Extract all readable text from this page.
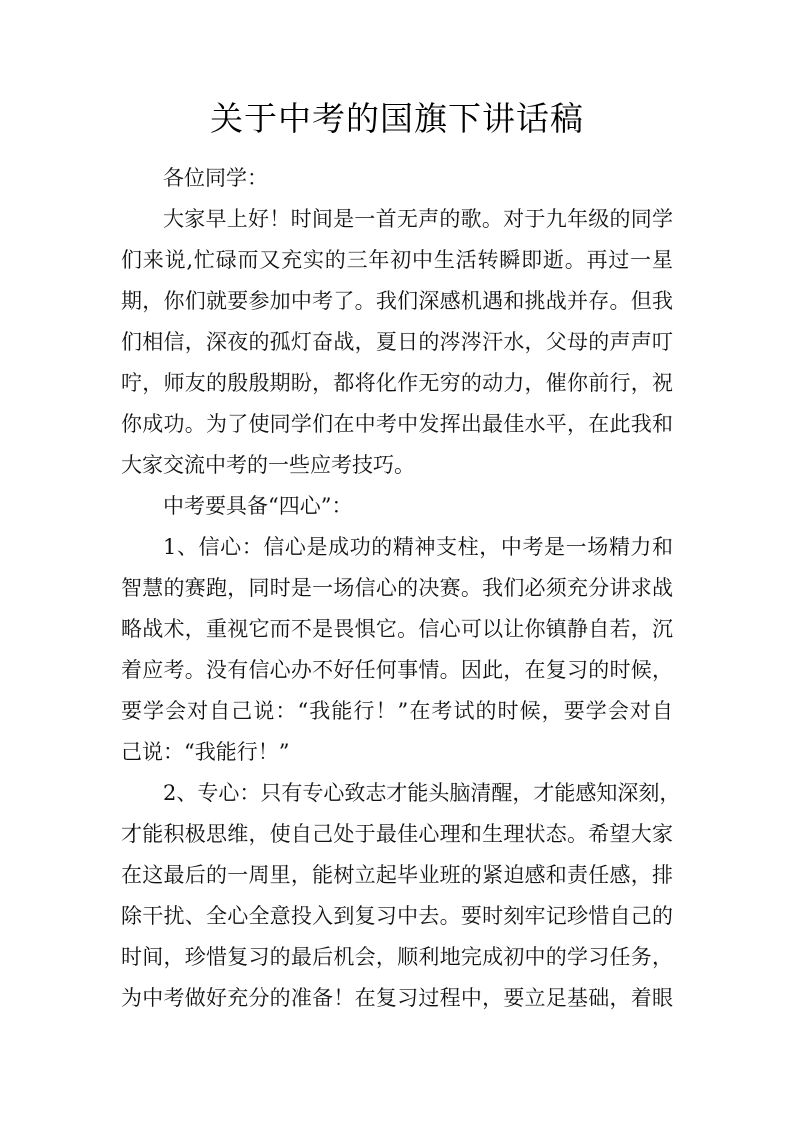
关于中考的国旗下讲话稿
各位同学：
大家早上好！时间是一首无声的歌。对于九年级的同学
们来说,忙碌而又充实的三年初中生活转瞬即逝。再过一星
期，你们就要参加中考了。我们深感机遇和挑战并存。但我
们相信，深夜的孤灯奋战，夏日的涔涔汗水，父母的声声叮
咛，师友的殷殷期盼，都将化作无穷的动力，催你前行，祝
你成功。为了使同学们在中考中发挥出最佳水平，在此我和
大家交流中考的一些应考技巧。
中考要具备“四心”：
1、信心：信心是成功的精神支柱，中考是一场精力和
智慧的赛跑，同时是一场信心的决赛。我们必须充分讲求战
略战术，重视它而不是畏惧它。信心可以让你镇静自若，沉
着应考。没有信心办不好任何事情。因此，在复习的时候，
要学会对自己说：“我能行！”在考试的时候，要学会对自
己说：“我能行！”
2、专心：只有专心致志才能头脑清醒，才能感知深刻，
才能积极思维，使自己处于最佳心理和生理状态。希望大家
在这最后的一周里，能树立起毕业班的紧迫感和责任感，排
除干扰、全心全意投入到复习中去。要时刻牢记珍惜自己的
时间，珍惜复习的最后机会，顺利地完成初中的学习任务，
为中考做好充分的准备！在复习过程中，要立足基础，着眼
